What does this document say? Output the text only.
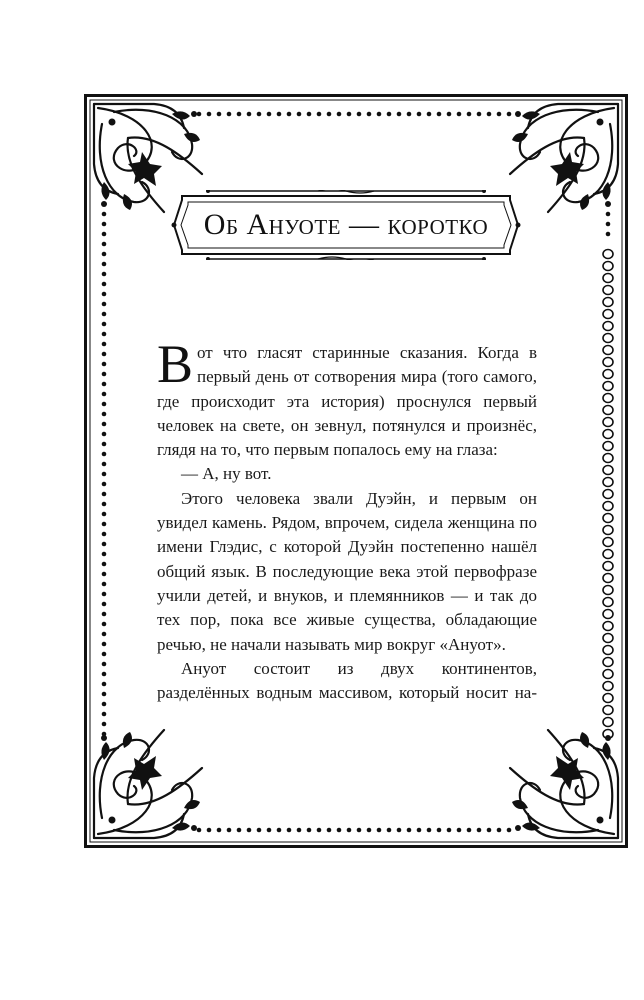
Об Ануоте — коротко

Вот что гласят старинные сказания. Когда в первый день от сотворения мира (того самого, где происходит эта история) проснулся первый человек на свете, он зевнул, потянулся и произнёс, глядя на то, что первым попалось ему на глаза:

— А, ну вот.

Этого человека звали Дуэйн, и первым он увидел камень. Рядом, впрочем, сидела женщина по имени Глэдис, с которой Дуэйн постепенно нашёл общий язык. В последующие века этой первофразе учили детей, и внуков, и племянников — и так до тех пор, пока все живые существа, обладающие речью, не начали называть мир вокруг «Ануот».

Ануот состоит из двух континентов, разделённых водным массивом, который носит на-
